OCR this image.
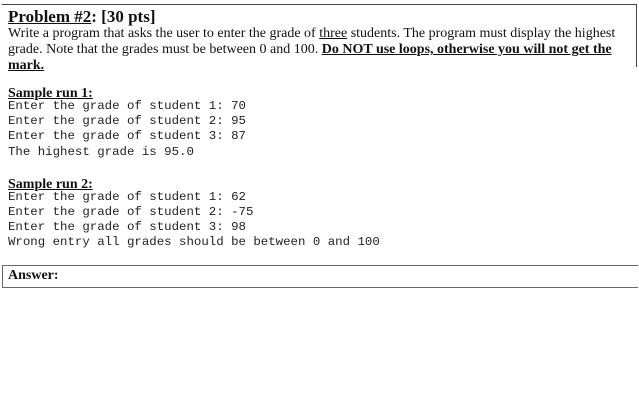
Problem #2: [30 pts]
Write a program that asks the user to enter the grade of three students. The program must display the highest grade. Note that the grades must be between 0 and 100. Do NOT use loops, otherwise you will not get the mark.
Sample run 1:
Enter the grade of student 1: 70
Enter the grade of student 2: 95
Enter the grade of student 3: 87
The highest grade is 95.0
Sample run 2:
Enter the grade of student 1: 62
Enter the grade of student 2: -75
Enter the grade of student 3: 98
Wrong entry all grades should be between 0 and 100
Answer:
